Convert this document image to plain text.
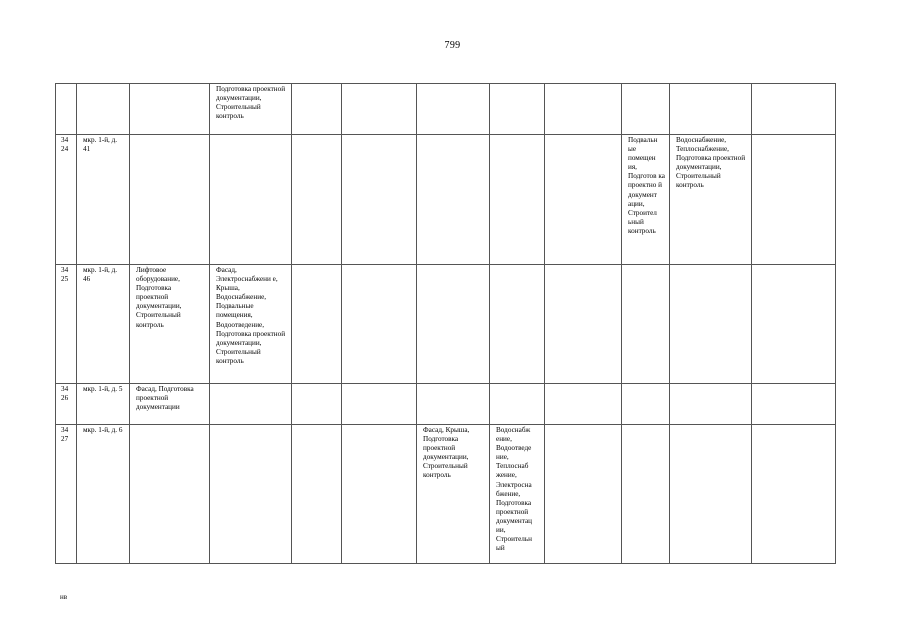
799
			Подготовка проектной документации, Строительный контроль								
34 24	мкр. 1-й, д. 41								Подвальн ые помещен ия, Подготов ка проектно й документ ации, Строител ьный контроль	Водоснабжение, Теплоснабжение, Подготовка проектной документации, Строительный контроль	
34 25	мкр. 1-й, д. 46	Лифтовое оборудование, Подготовка проектной документации, Строительный контроль	Фасад, Электроснабжени е, Крыша, Водоснабжение, Подвальные помещения, Водоотведение, Подготовка проектной документации, Строительный контроль								
34 26	мкр. 1-й, д. 5	Фасад, Подготовка проектной документации									
34 27	мкр. 1-й, д. 6					Фасад, Крыша, Подготовка проектной документации, Строительный контроль	Водоснабж ение, Водоотведе ние, Теплоснаб жение, Электросна бжение, Подготовка проектной документац ии, Строительн ый				
нв
